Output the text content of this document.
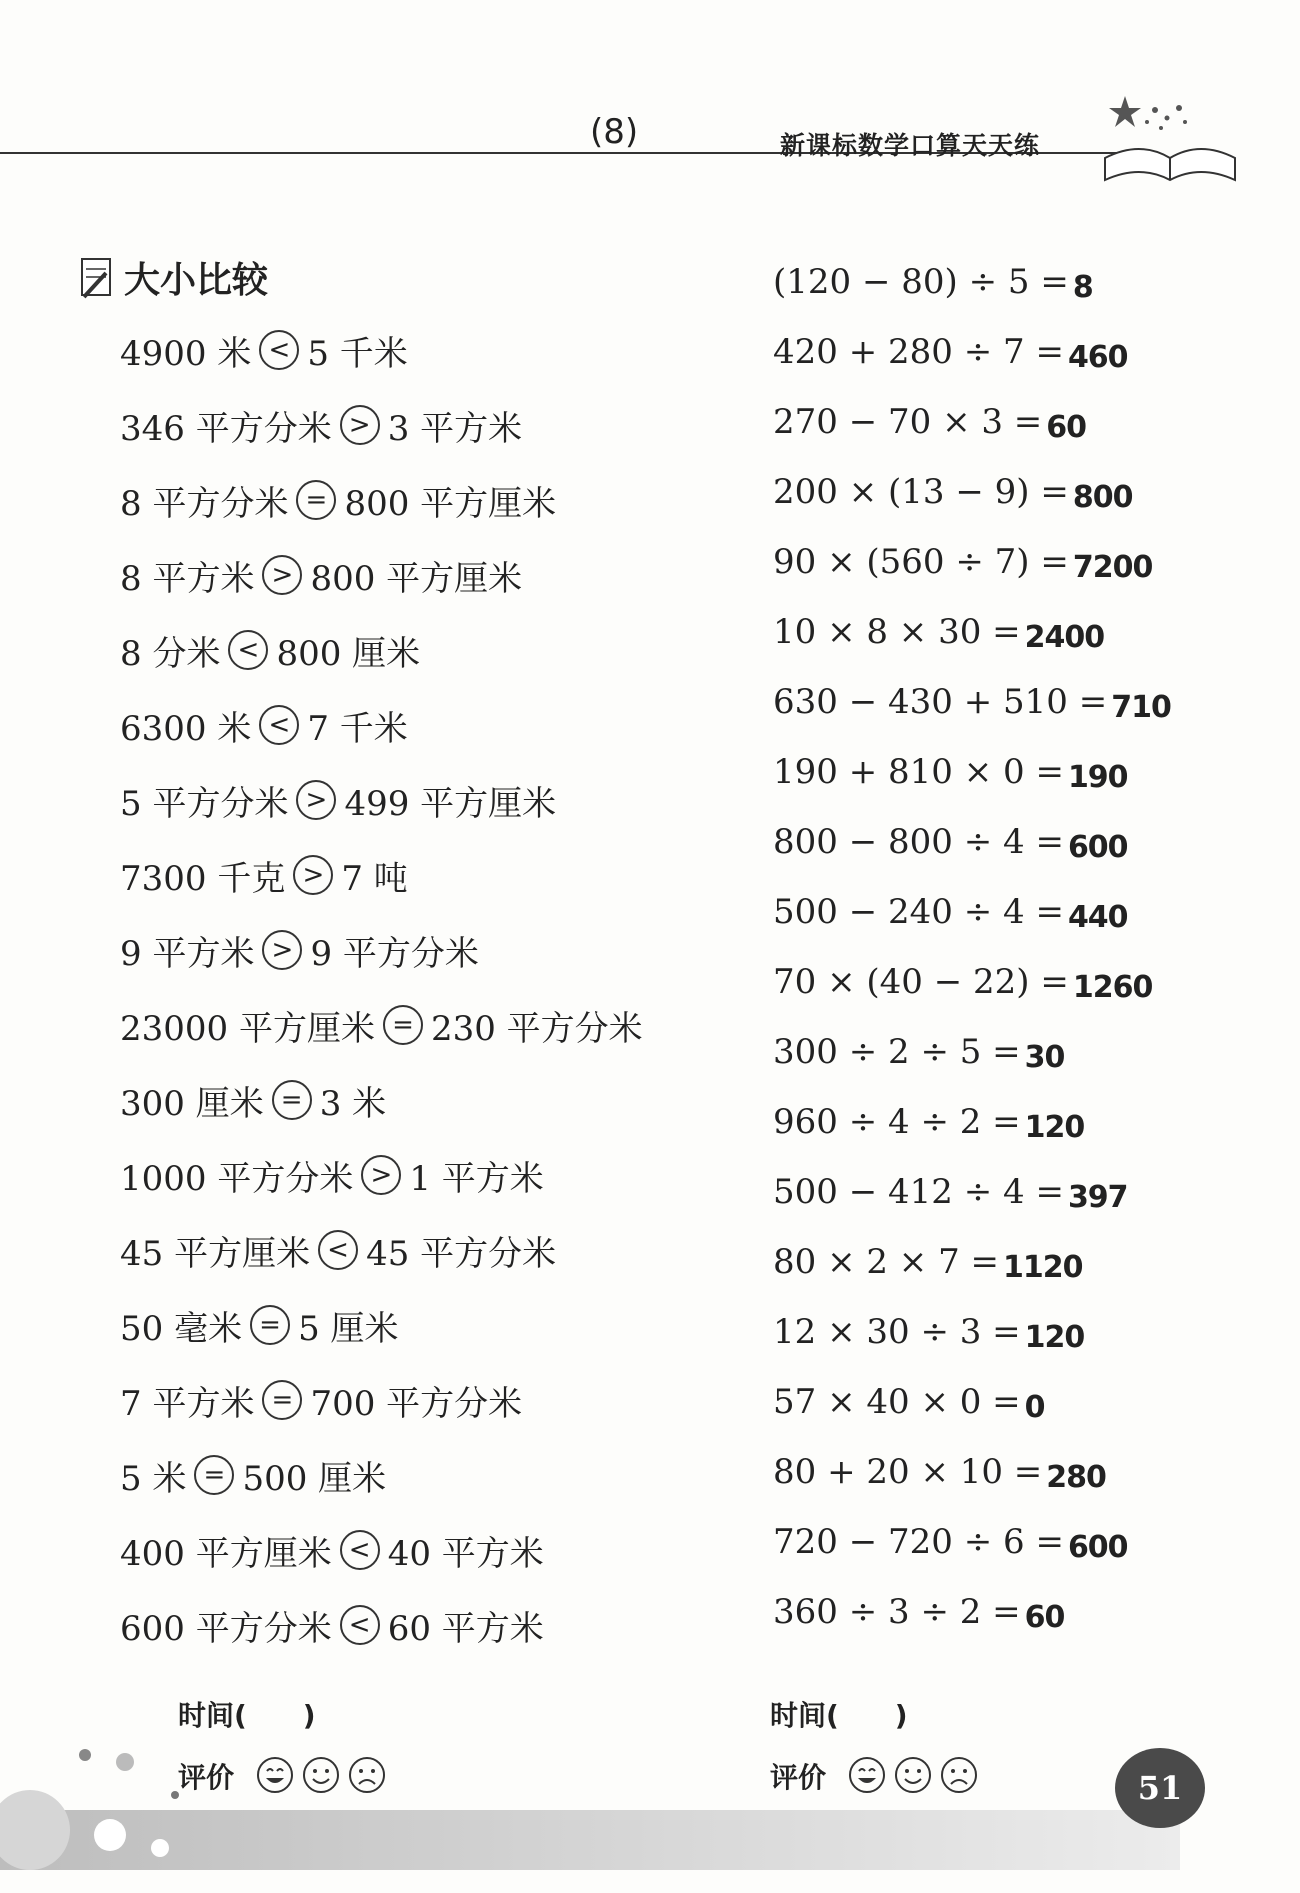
(8)	新课标数学口算天天练
大小比较
4900 米 < 5 千米
346 平方分米 > 3 平方米
8 平方分米 = 800 平方厘米
8 平方米 > 800 平方厘米
8 分米 < 800 厘米
6300 米 < 7 千米
5 平方分米 > 499 平方厘米
7300 千克 > 7 吨
9 平方米 > 9 平方分米
23000 平方厘米 = 230 平方分米
300 厘米 = 3 米
1000 平方分米 > 1 平方米
45 平方厘米 < 45 平方分米
50 毫米 = 5 厘米
7 平方米 = 700 平方分米
5 米 = 500 厘米
400 平方厘米 < 40 平方米
600 平方分米 < 60 平方米
(120 − 80) ÷ 5 = 8
420 + 280 ÷ 7 = 460
270 − 70 × 3 = 60
200 × (13 − 9) = 800
90 × (560 ÷ 7) = 7200
10 × 8 × 30 = 2400
630 − 430 + 510 = 710
190 + 810 × 0 = 190
800 − 800 ÷ 4 = 600
500 − 240 ÷ 4 = 440
70 × (40 − 22) = 1260
300 ÷ 2 ÷ 5 = 30
960 ÷ 4 ÷ 2 = 120
500 − 412 ÷ 4 = 397
80 × 2 × 7 = 1120
12 × 30 ÷ 3 = 120
57 × 40 × 0 = 0
80 + 20 × 10 = 280
720 − 720 ÷ 6 = 600
360 ÷ 3 ÷ 2 = 60
时间(　　)
评价
时间(　　)
评价	51
